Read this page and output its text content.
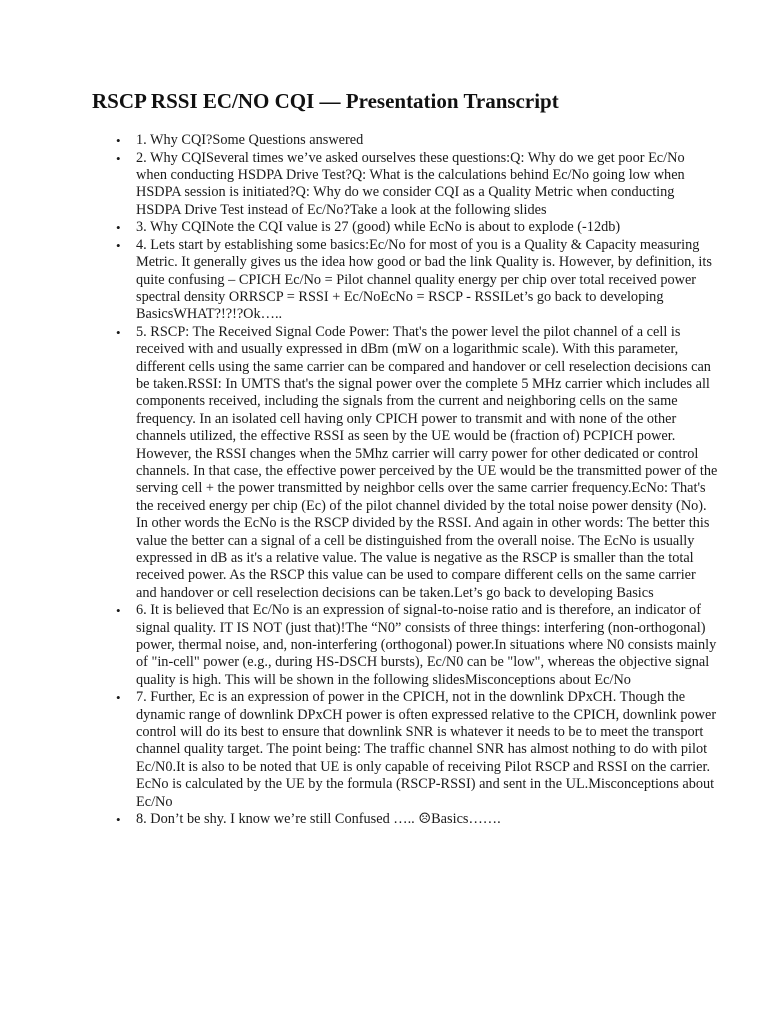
RSCP RSSI EC/NO CQI — Presentation Transcript
• 1. Why CQI?Some Questions answered
• 2. Why CQISeveral times we’ve asked ourselves these questions:Q: Why do we get poor Ec/No when conducting HSDPA Drive Test?Q: What is the calculations behind Ec/No going low when HSDPA session is initiated?Q: Why do we consider CQI as a Quality Metric when conducting HSDPA Drive Test instead of Ec/No?Take a look at the following slides
• 3. Why CQINote the CQI value is 27 (good) while EcNo is about to explode (-12db)
• 4. Lets start by establishing some basics:Ec/No for most of you is a Quality & Capacity measuring Metric. It generally gives us the idea how good or bad the link Quality is. However, by definition, its quite confusing – CPICH Ec/No = Pilot channel quality energy per chip over total received power spectral density ORRSCP = RSSI + Ec/NoEcNo = RSCP - RSSILet’s go back to developing BasicsWHAT?!?!?Ok…..
• 5. RSCP: The Received Signal Code Power: That's the power level the pilot channel of a cell is received with and usually expressed in dBm (mW on a logarithmic scale). With this parameter, different cells using the same carrier can be compared and handover or cell reselection decisions can be taken.RSSI: In UMTS that's the signal power over the complete 5 MHz carrier which includes all components received, including the signals from the current and neighboring cells on the same frequency. In an isolated cell having only CPICH power to transmit and with none of the other channels utilized, the effective RSSI as seen by the UE would be (fraction of) PCPICH power. However, the RSSI changes when the 5Mhz carrier will carry power for other dedicated or control channels. In that case, the effective power perceived by the UE would be the transmitted power of the serving cell + the power transmitted by neighbor cells over the same carrier frequency.EcNo: That's the received energy per chip (Ec) of the pilot channel divided by the total noise power density (No). In other words the EcNo is the RSCP divided by the RSSI. And again in other words: The better this value the better can a signal of a cell be distinguished from the overall noise. The EcNo is usually expressed in dB as it's a relative value. The value is negative as the RSCP is smaller than the total received power. As the RSCP this value can be used to compare different cells on the same carrier and handover or cell reselection decisions can be taken.Let’s go back to developing Basics
• 6. It is believed that Ec/No is an expression of signal-to-noise ratio and is therefore, an indicator of signal quality. IT IS NOT (just that)!The “N0” consists of three things: interfering (non-orthogonal) power, thermal noise, and, non-interfering (orthogonal) power.In situations where N0 consists mainly of "in-cell" power (e.g., during HS-DSCH bursts), Ec/N0 can be "low", whereas the objective signal quality is high. This will be shown in the following slidesMisconceptions about Ec/No
• 7. Further, Ec is an expression of power in the CPICH, not in the downlink DPxCH. Though the dynamic range of downlink DPxCH power is often expressed relative to the CPICH, downlink power control will do its best to ensure that downlink SNR is whatever it needs to be to meet the transport channel quality target. The point being: The traffic channel SNR has almost nothing to do with pilot Ec/N0.It is also to be noted that UE is only capable of receiving Pilot RSCP and RSSI on the carrier. EcNo is calculated by the UE by the formula (RSCP-RSSI) and sent in the UL.Misconceptions about Ec/No
• 8. Don’t be shy. I know we’re still Confused ….. ☹Basics…….
